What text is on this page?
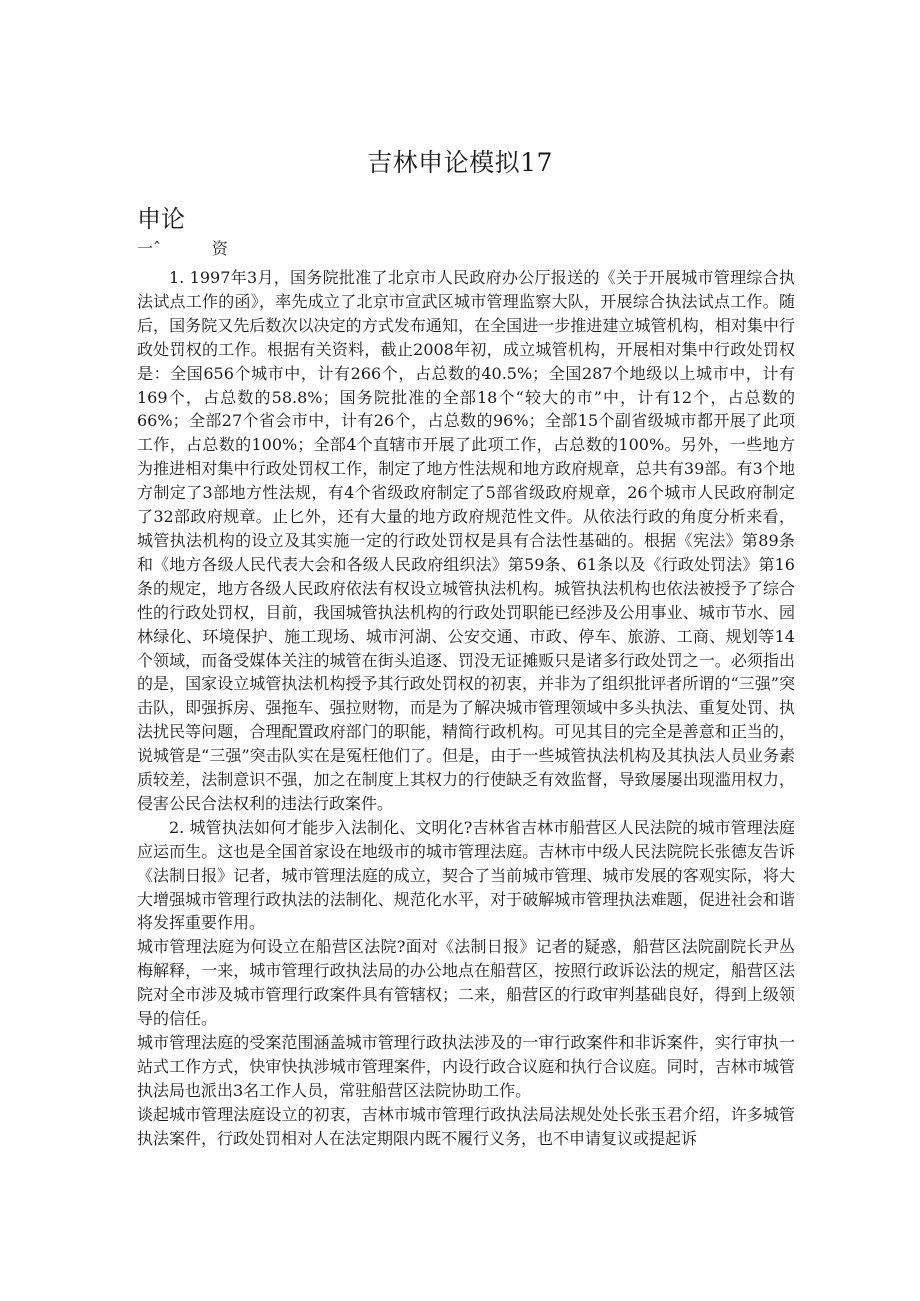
吉林申论模拟17
申论
一ˆ          资

1. 1997年3月，国务院批准了北京市人民政府办公厅报送的《关于开展城市管理综合执法试点工作的函》，率先成立了北京市宣武区城市管理监察大队，开展综合执法试点工作。随后，国务院又先后数次以决定的方式发布通知，在全国进一步推进建立城管机构，相对集中行政处罚权的工作。根据有关资料，截止2008年初，成立城管机构，开展相对集中行政处罚权是：全国656个城市中，计有266个，占总数的40.5%；全国287个地级以上城市中，计有169个，占总数的58.8%；国务院批准的全部18个“较大的市”中，计有12个，占总数的66%；全部27个省会市中，计有26个，占总数的96%；全部15个副省级城市都开展了此项工作，占总数的100%；全部4个直辖市开展了此项工作，占总数的100%。另外，一些地方为推进相对集中行政处罚权工作，制定了地方性法规和地方政府规章，总共有39部。有3个地方制定了3部地方性法规，有4个省级政府制定了5部省级政府规章，26个城市人民政府制定了32部政府规章。止匕外，还有大量的地方政府规范性文件。从依法行政的角度分析来看，城管执法机构的设立及其实施一定的行政处罚权是具有合法性基础的。根据《宪法》第89条和《地方各级人民代表大会和各级人民政府组织法》第59条、61条以及《行政处罚法》第16条的规定，地方各级人民政府依法有权设立城管执法机构。城管执法机构也依法被授予了综合性的行政处罚权，目前，我国城管执法机构的行政处罚职能已经涉及公用事业、城市节水、园林绿化、环境保护、施工现场、城市河湖、公安交通、市政、停车、旅游、工商、规划等14个领域，而备受媒体关注的城管在街头追逐、罚没无证摊贩只是诸多行政处罚之一。必须指出的是，国家设立城管执法机构授予其行政处罚权的初衷，并非为了组织批评者所谓的“三强”突击队，即强拆房、强拖车、强拉财物，而是为了解决城市管理领域中多头执法、重复处罚、执法扰民等问题，合理配置政府部门的职能，精简行政机构。可见其目的完全是善意和正当的，说城管是“三强”突击队实在是冤枉他们了。但是，由于一些城管执法机构及其执法人员业务素质较差，法制意识不强，加之在制度上其权力的行使缺乏有效监督，导致屡屡出现滥用权力，侵害公民合法权利的违法行政案件。

2. 城管执法如何才能步入法制化、文明化?吉林省吉林市船营区人民法院的城市管理法庭应运而生。这也是全国首家设在地级市的城市管理法庭。吉林市中级人民法院院长张德友告诉《法制日报》记者，城市管理法庭的成立，契合了当前城市管理、城市发展的客观实际，将大大增强城市管理行政执法的法制化、规范化水平，对于破解城市管理执法难题，促进社会和谐将发挥重要作用。

城市管理法庭为何设立在船营区法院?面对《法制日报》记者的疑惑，船营区法院副院长尹丛梅解释，一来，城市管理行政执法局的办公地点在船营区，按照行政诉讼法的规定，船营区法院对全市涉及城市管理行政案件具有管辖权；二来，船营区的行政审判基础良好，得到上级领导的信任。

城市管理法庭的受案范围涵盖城市管理行政执法涉及的一审行政案件和非诉案件，实行审执一站式工作方式，快审快执涉城市管理案件，内设行政合议庭和执行合议庭。同时，吉林市城管执法局也派出3名工作人员，常驻船营区法院协助工作。

谈起城市管理法庭设立的初衷，吉林市城市管理行政执法局法规处处长张玉君介绍，许多城管执法案件，行政处罚相对人在法定期限内既不履行义务，也不申请复议或提起诉
